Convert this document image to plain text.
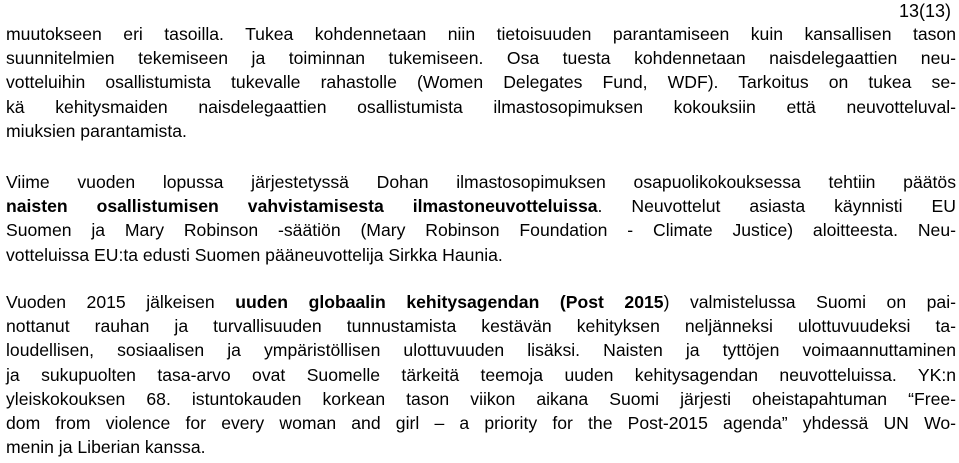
13(13)
muutokseen eri tasoilla. Tukea kohdennetaan niin tietoisuuden parantamiseen kuin kansallisen tason
suunnitelmien tekemiseen ja toiminnan tukemiseen. Osa tuesta kohdennetaan naisdelegaattien neu-
votteluihin osallistumista tukevalle rahastolle (Women Delegates Fund, WDF). Tarkoitus on tukea se-
kä kehitysmaiden naisdelegaattien osallistumista ilmastosopimuksen kokouksiin että neuvotteluval-
miuksien parantamista.
Viime vuoden lopussa järjestetyssä Dohan ilmastosopimuksen osapuolikokouksessa tehtiin päätös
naisten osallistumisen vahvistamisesta ilmastoneuvotteluissa. Neuvottelut asiasta käynnisti EU
Suomen ja Mary Robinson -säätiön (Mary Robinson Foundation - Climate Justice) aloitteesta. Neu-
votteluissa EU:ta edusti Suomen pääneuvottelija Sirkka Haunia.
Vuoden 2015 jälkeisen uuden globaalin kehitysagendan (Post 2015) valmistelussa Suomi on pai-
nottanut rauhan ja turvallisuuden tunnustamista kestävän kehityksen neljänneksi ulottuvuudeksi ta-
loudellisen, sosiaalisen ja ympäristöllisen ulottuvuuden lisäksi. Naisten ja tyttöjen voimaannuttaminen
ja sukupuolten tasa-arvo ovat Suomelle tärkeitä teemoja uuden kehitysagendan neuvotteluissa. YK:n
yleiskokouksen 68. istuntokauden korkean tason viikon aikana Suomi järjesti oheistapahtuman “Free-
dom from violence for every woman and girl – a priority for the Post-2015 agenda” yhdessä UN Wo-
menin ja Liberian kanssa.
